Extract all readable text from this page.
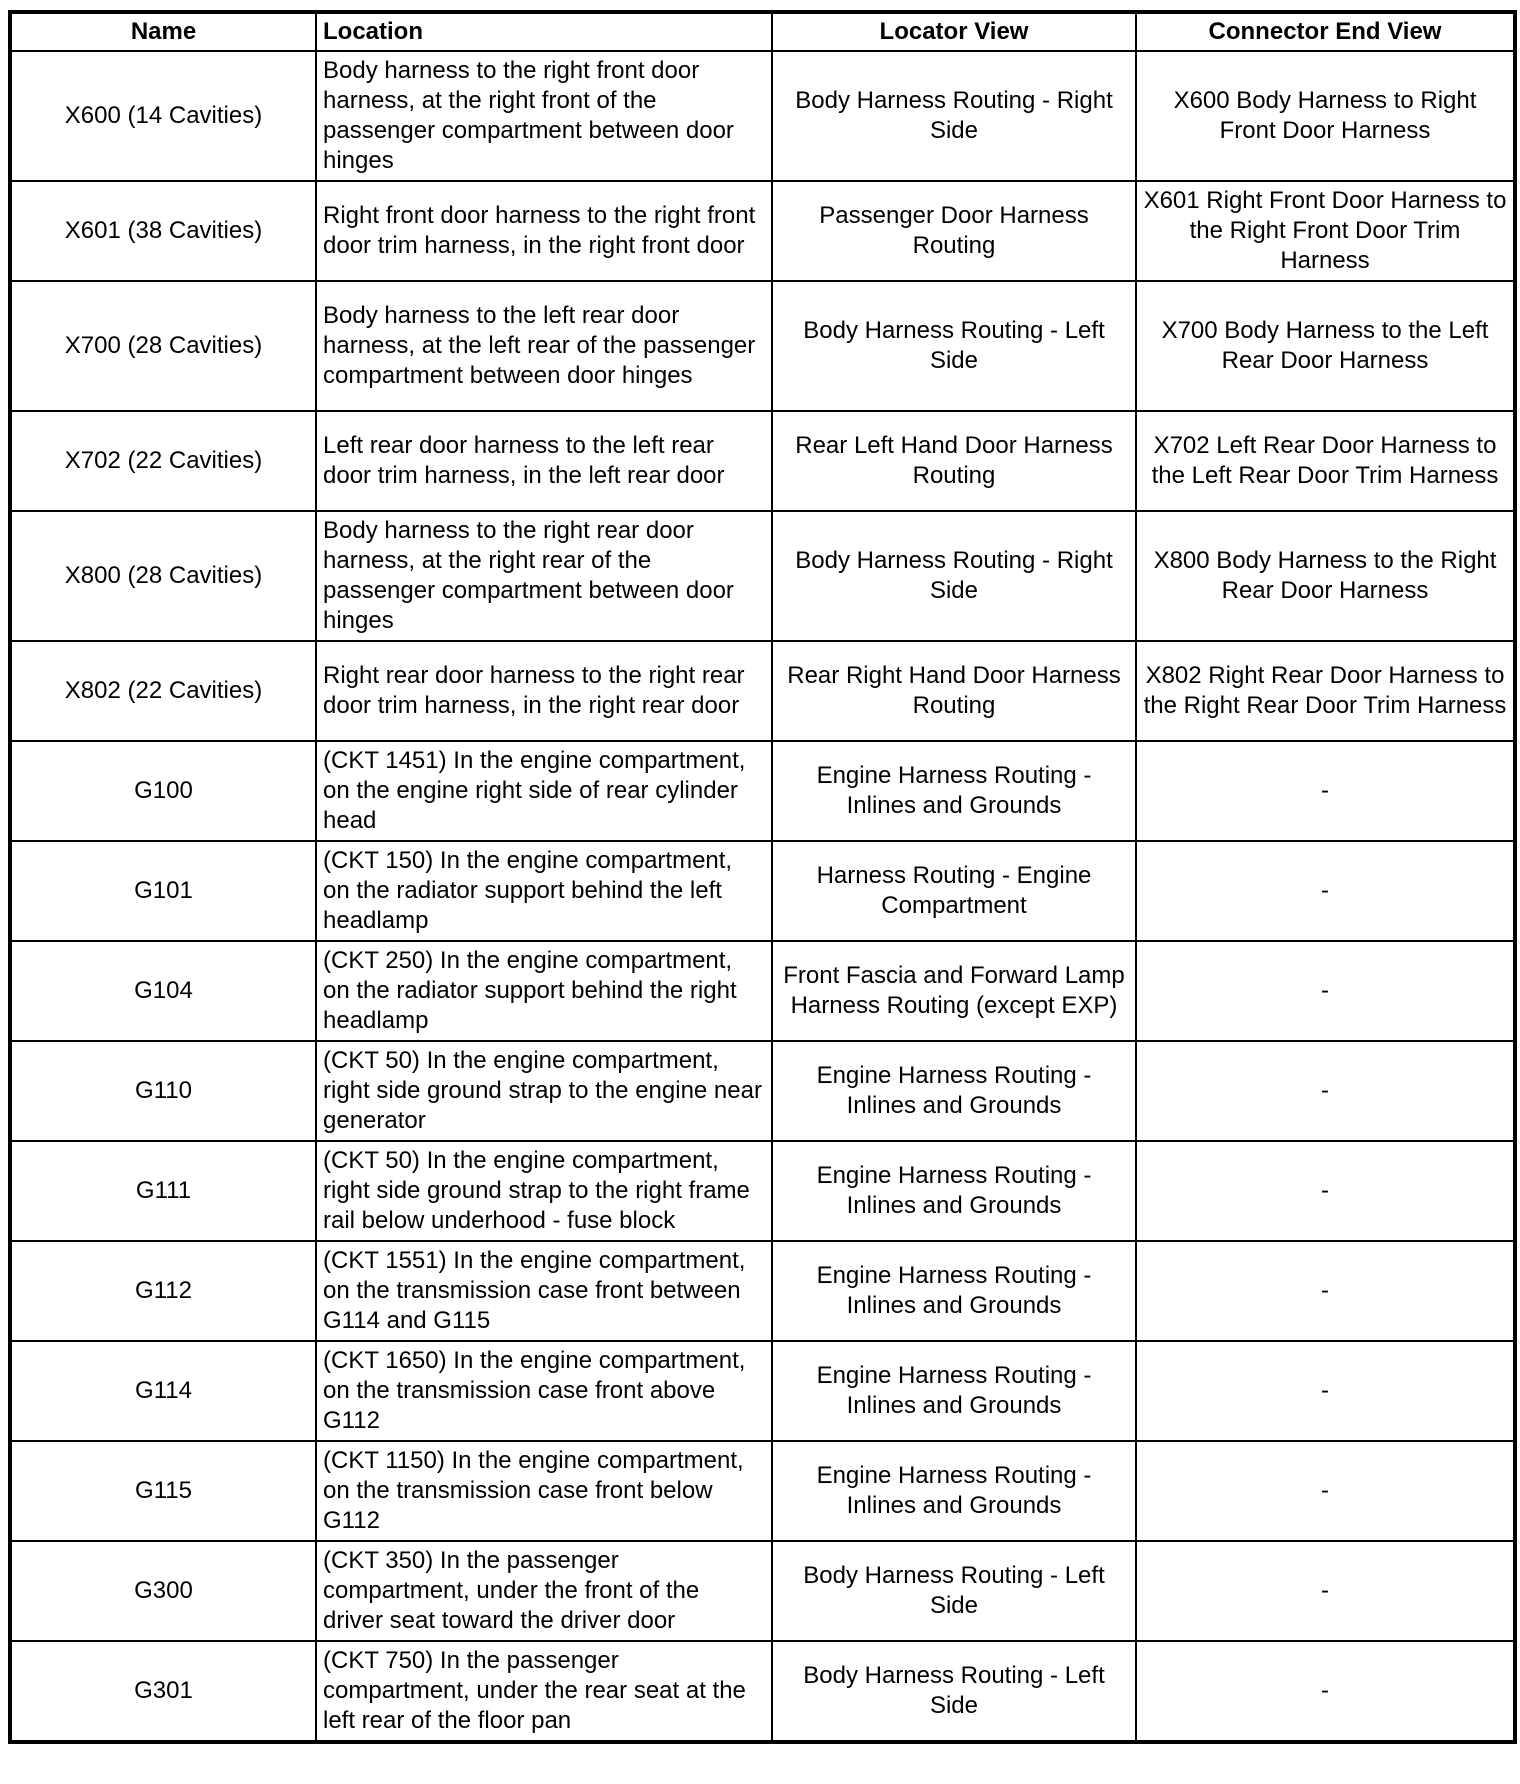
Name	Location	Locator View	Connector End View
X600 (14 Cavities)	Body harness to the right front door harness, at the right front of the passenger compartment between door hinges	Body Harness Routing - Right Side	X600 Body Harness to Right Front Door Harness
X601 (38 Cavities)	Right front door harness to the right front door trim harness, in the right front door	Passenger Door Harness Routing	X601 Right Front Door Harness to the Right Front Door Trim Harness
X700 (28 Cavities)	Body harness to the left rear door harness, at the left rear of the passenger compartment between door hinges	Body Harness Routing - Left Side	X700 Body Harness to the Left Rear Door Harness
X702 (22 Cavities)	Left rear door harness to the left rear door trim harness, in the left rear door	Rear Left Hand Door Harness Routing	X702 Left Rear Door Harness to the Left Rear Door Trim Harness
X800 (28 Cavities)	Body harness to the right rear door harness, at the right rear of the passenger compartment between door hinges	Body Harness Routing - Right Side	X800 Body Harness to the Right Rear Door Harness
X802 (22 Cavities)	Right rear door harness to the right rear door trim harness, in the right rear door	Rear Right Hand Door Harness Routing	X802 Right Rear Door Harness to the Right Rear Door Trim Harness
G100	(CKT 1451) In the engine compartment, on the engine right side of rear cylinder head	Engine Harness Routing - Inlines and Grounds	-
G101	(CKT 150) In the engine compartment, on the radiator support behind the left headlamp	Harness Routing - Engine Compartment	-
G104	(CKT 250) In the engine compartment, on the radiator support behind the right headlamp	Front Fascia and Forward Lamp Harness Routing (except EXP)	-
G110	(CKT 50) In the engine compartment, right side ground strap to the engine near generator	Engine Harness Routing - Inlines and Grounds	-
G111	(CKT 50) In the engine compartment, right side ground strap to the right frame rail below underhood - fuse block	Engine Harness Routing - Inlines and Grounds	-
G112	(CKT 1551) In the engine compartment, on the transmission case front between G114 and G115	Engine Harness Routing - Inlines and Grounds	-
G114	(CKT 1650) In the engine compartment, on the transmission case front above G112	Engine Harness Routing - Inlines and Grounds	-
G115	(CKT 1150) In the engine compartment, on the transmission case front below G112	Engine Harness Routing - Inlines and Grounds	-
G300	(CKT 350) In the passenger compartment, under the front of the driver seat toward the driver door	Body Harness Routing - Left Side	-
G301	(CKT 750) In the passenger compartment, under the rear seat at the left rear of the floor pan	Body Harness Routing - Left Side	-
